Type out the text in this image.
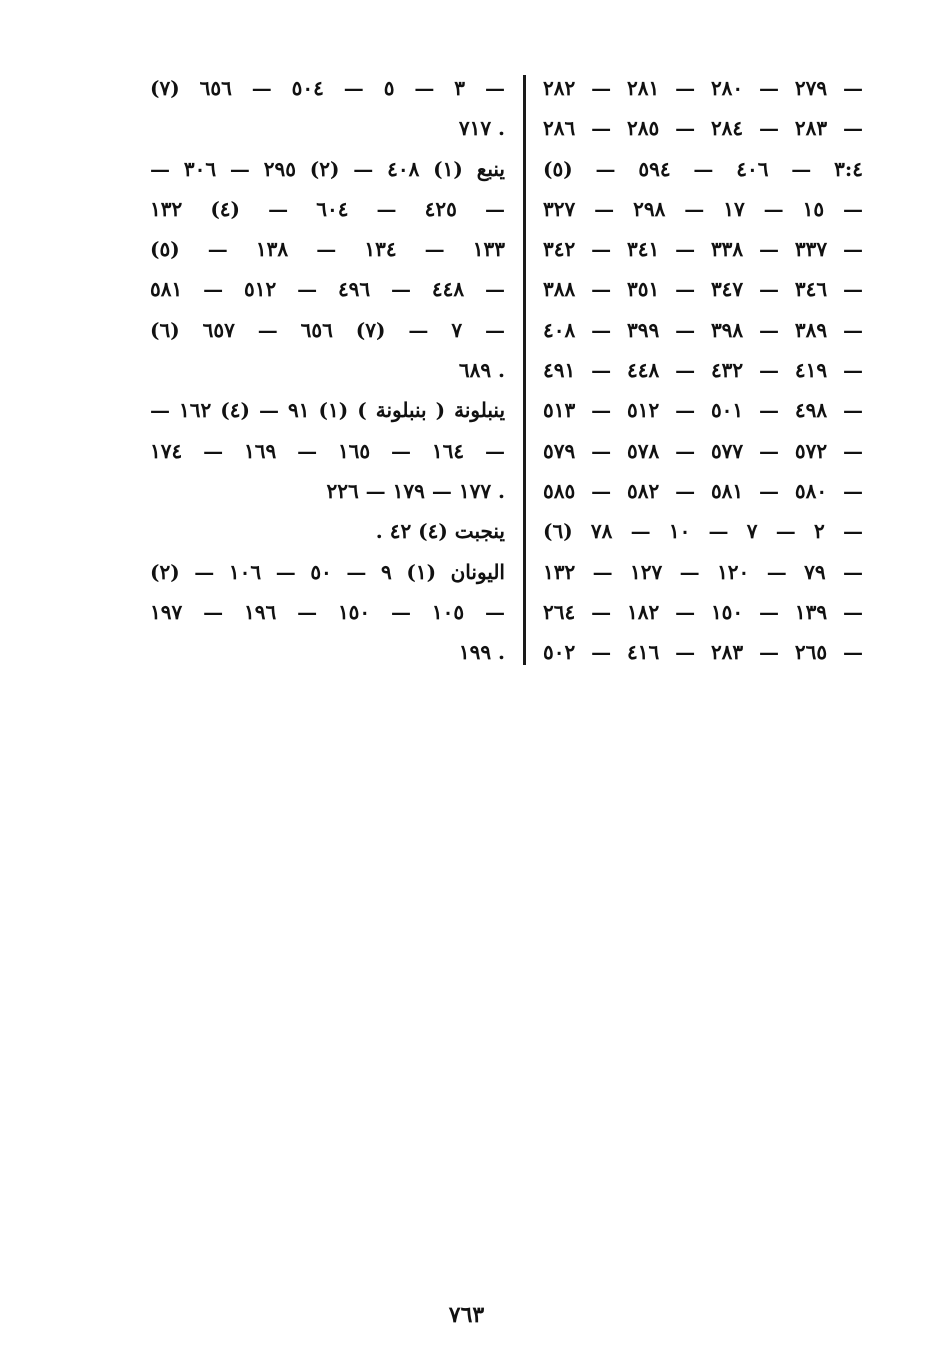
٢٧٩ — ٢٨٠ — ٢٨١ — ٢٨٢ —
٢٨٣ — ٢٨٤ — ٢٨٥ — ٢٨٦ —
٣:٤ — ٤٠٦ — ٥٩٤ — (٥)
١٥ — ١٧ — ٢٩٨ — ٣٢٧ —
٣٣٧ — ٣٣٨ — ٣٤١ — ٣٤٢ —
٣٤٦ — ٣٤٧ — ٣٥١ — ٣٨٨ —
٣٨٩ — ٣٩٨ — ٣٩٩ — ٤٠٨ —
٤١٩ — ٤٣٢ — ٤٤٨ — ٤٩١ —
٤٩٨ — ٥٠١ — ٥١٢ — ٥١٣ —
٥٧٢ — ٥٧٧ — ٥٧٨ — ٥٧٩ —
٥٨٠ — ٥٨١ — ٥٨٢ — ٥٨٥ —
(٦) ٢ — ٧ — ١٠ — ٧٨ —
٧٩ — ١٢٠ — ١٢٧ — ١٣٢ —
١٣٩ — ١٥٠ — ١٨٢ — ٢٦٤ —
٢٦٥ — ٢٨٣ — ٤١٦ — ٥٠٢ —
(٧) ٣ — ٥ — ٥٠٤ — ٦٥٦ —
٧١٧ .
ينبع (١) ٤٠٨ — (٢) ٢٩٥ — ٣٠٦ —
٤٢٥ — ٦٠٤ — (٤) ١٣٢ —
١٣٣ — ١٣٤ — ١٣٨ — (٥)
٤٤٨ — ٤٩٦ — ٥١٢ — ٥٨١ —
(٦) ٧ — (٧) ٦٥٦ — ٦٥٧ —
٦٨٩ .
ينبلونة ( بنبلونة ) (١) ٩١ — (٤) ١٦٢ —
١٦٤ — ١٦٥ — ١٦٩ — ١٧٤ —
١٧٧ — ١٧٩ — ٢٢٦ .
ينجبت (٤) ٤٢ .
اليونان (١) ٩ — ٥٠ — ١٠٦ — (٢)
١٠٥ — ١٥٠ — ١٩٦ — ١٩٧ —
١٩٩ .
٧٦٣
